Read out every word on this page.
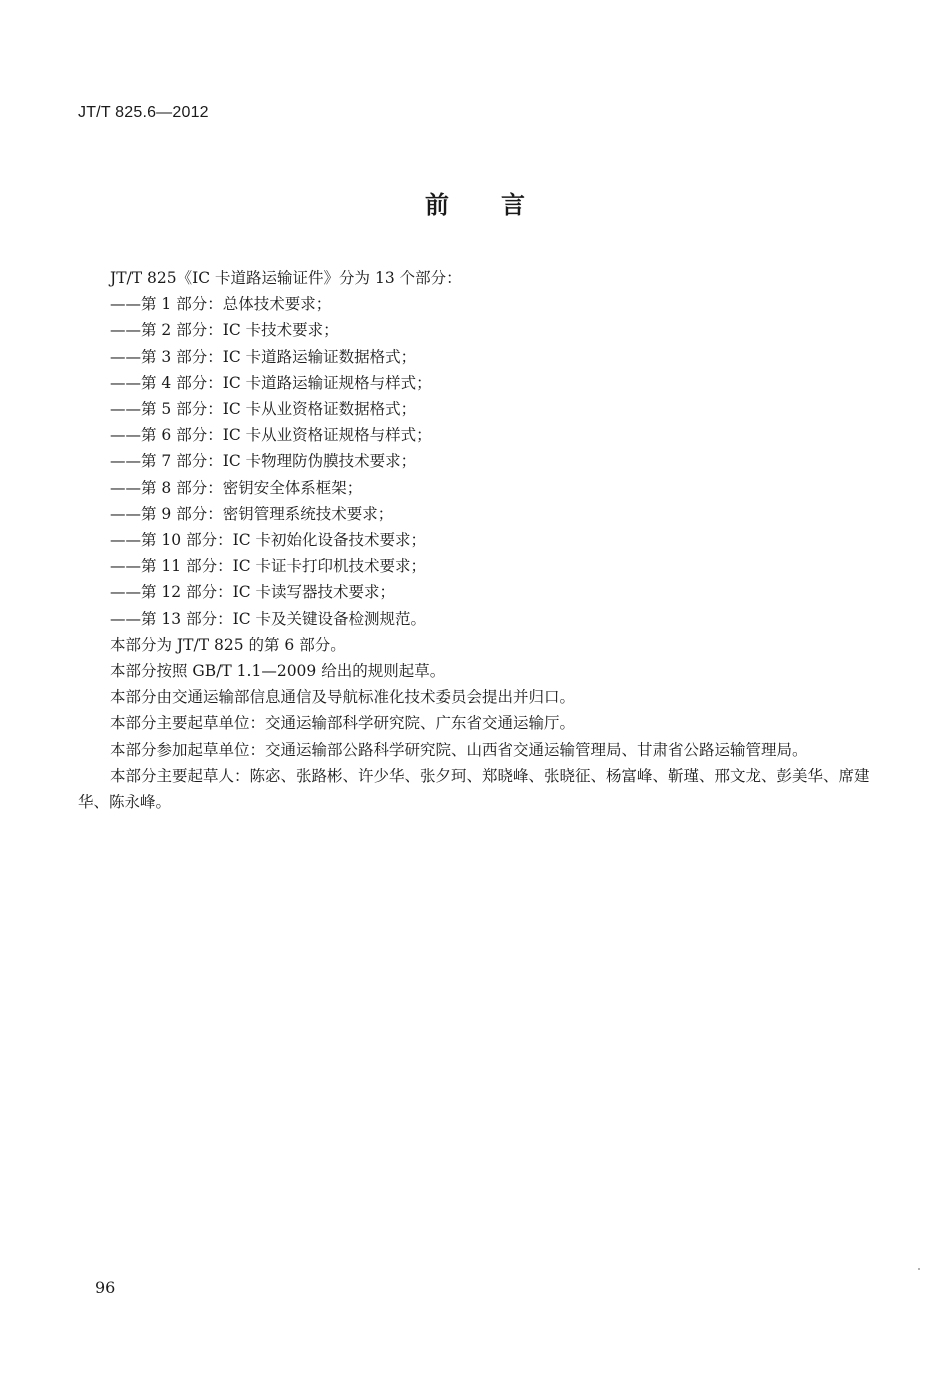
JT/T 825.6—2012
前 言

JT/T 825《IC 卡道路运输证件》分为 13 个部分：

——第 1 部分：总体技术要求；

——第 2 部分：IC 卡技术要求；

——第 3 部分：IC 卡道路运输证数据格式；

——第 4 部分：IC 卡道路运输证规格与样式；

——第 5 部分：IC 卡从业资格证数据格式；

——第 6 部分：IC 卡从业资格证规格与样式；

——第 7 部分：IC 卡物理防伪膜技术要求；

——第 8 部分：密钥安全体系框架；

——第 9 部分：密钥管理系统技术要求；

——第 10 部分：IC 卡初始化设备技术要求；

——第 11 部分：IC 卡证卡打印机技术要求；

——第 12 部分：IC 卡读写器技术要求；

——第 13 部分：IC 卡及关键设备检测规范。

本部分为 JT/T 825 的第 6 部分。

本部分按照 GB/T 1.1—2009 给出的规则起草。

本部分由交通运输部信息通信及导航标准化技术委员会提出并归口。

本部分主要起草单位：交通运输部科学研究院、广东省交通运输厅。

本部分参加起草单位：交通运输部公路科学研究院、山西省交通运输管理局、甘肃省公路运输管理局。

本部分主要起草人：陈宓、张路彬、许少华、张夕珂、郑晓峰、张晓征、杨富峰、靳瑾、邢文龙、彭美华、席建华、陈永峰。

96
